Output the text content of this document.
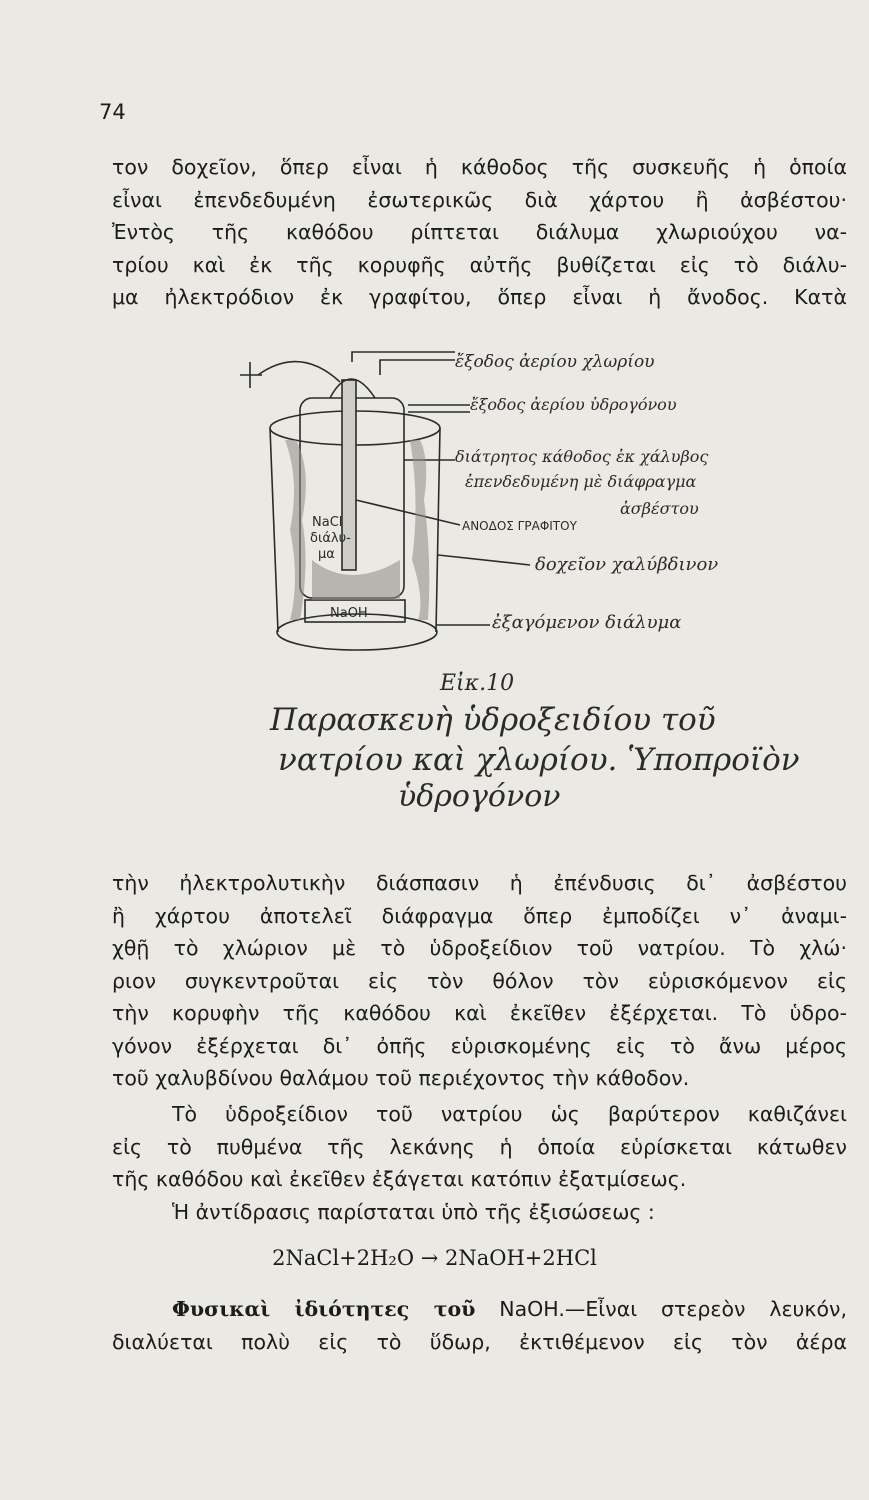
74
τον δοχεῖον, ὅπερ εἶναι ἡ κάθοδος τῆς συσκευῆς ἡ ὁποία
εἶναι ἐπενδεδυμένη ἐσωτερικῶς διὰ χάρτου ἢ ἀσβέστου·
Ἐντὸς τῆς καθόδου ρίπτεται διάλυμα χλωριούχου να-
τρίου καὶ ἐκ τῆς κορυφῆς αὐτῆς βυθίζεται εἰς τὸ διάλυ-
μα ἠλεκτρόδιον ἐκ γραφίτου, ὅπερ εἶναι ἡ ἄνοδος. Κατὰ
ἔξοδος ἀερίου χλωρίου
ἔξοδος ἀερίου ὑδρογόνου
διάτρητος κάθοδος ἐκ χάλυβος
ἐπενδεδυμένη μὲ διάφραγμα
ἀσβέστου
ΑΝΟΔΟΣ ΓΡΑΦΙΤΟΥ
δοχεῖον χαλύβδινον
ἐξαγόμενον διάλυμα
NaCl
διάλυ-
μα
NaOH
Εἰκ.10
Παρασκευὴ ὑδροξειδίου τοῦ
νατρίου καὶ χλωρίου. Ὑποπροϊὸν
ὑδρογόνον
τὴν ἠλεκτρολυτικὴν διάσπασιν ἡ ἐπένδυσις δι᾽ ἀσβέστου
ἢ χάρτου ἀποτελεῖ διάφραγμα ὅπερ ἐμποδίζει ν᾽ ἀναμι-
χθῇ τὸ χλώριον μὲ τὸ ὑδροξείδιον τοῦ νατρίου. Τὸ χλώ·
ριον συγκεντροῦται εἰς τὸν θόλον τὸν εὑρισκόμενον εἰς
τὴν κορυφὴν τῆς καθόδου καὶ ἐκεῖθεν ἐξέρχεται. Τὸ ὑδρο-
γόνον ἐξέρχεται δι᾽ ὀπῆς εὑρισκομένης εἰς τὸ ἄνω μέρος
τοῦ χαλυβδίνου θαλάμου τοῦ περιέχοντος τὴν κάθοδον.
Τὸ ὑδροξείδιον τοῦ νατρίου ὡς βαρύτερον καθιζάνει
εἰς τὸ πυθμένα τῆς λεκάνης ἡ ὁποία εὑρίσκεται κάτωθεν
τῆς καθόδου καὶ ἐκεῖθεν ἐξάγεται κατόπιν ἐξατμίσεως.
Ἡ ἀντίδρασις παρίσταται ὑπὸ τῆς ἐξισώσεως :
2NaCl+2H₂O → 2NaOH+2HCl
Φυσικαὶ ἰδιότητες τοῦ NaOH.—Εἶναι στερεὸν λευκόν,
διαλύεται πολὺ εἰς τὸ ὕδωρ, ἐκτιθέμενον εἰς τὸν ἀέρα
